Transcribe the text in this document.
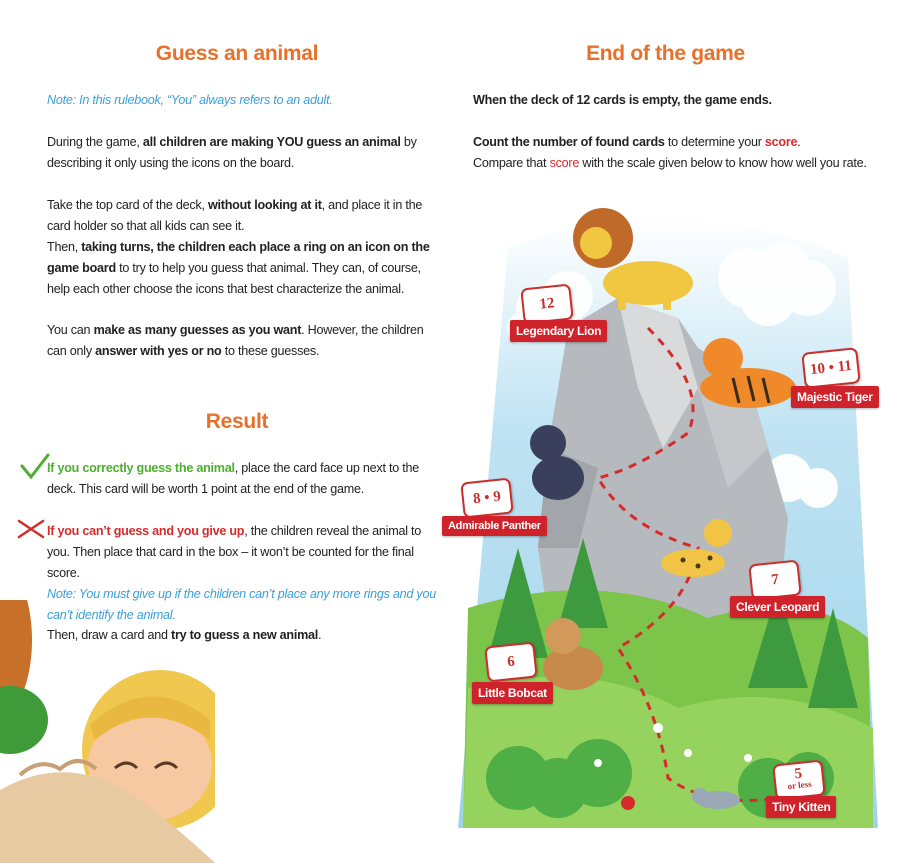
Guess an animal

Note: In this rulebook, “You” always refers to an adult.

During the game, all children are making YOU guess an animal by describing it only using the icons on the board.

Take the top card of the deck, without looking at it, and place it in the card holder so that all kids can see it.
Then, taking turns, the children each place a ring on an icon on the game board to try to help you guess that animal. They can, of course, help each other choose the icons that best characterize the animal.

You can make as many guesses as you want. However, the children can only answer with yes or no to these guesses.

Result

If you correctly guess the animal, place the card face up next to the deck. This card will be worth 1 point at the end of the game.

If you can’t guess and you give up, the children reveal the animal to you. Then place that card in the box – it won’t be counted for the final score.

Note: You must give up if the children can’t place any more rings and you can’t identify the animal.

Then, draw a card and try to guess a new animal.

End of the game

When the deck of 12 cards is empty, the game ends.

Count the number of found cards to determine your score.
Compare that score with the scale given below to know how well you rate.

12
Legendary Lion
10 • 11
Majestic Tiger
8 • 9
Admirable Panther
7
Clever Leopard
6
Little Bobcat
5
or less
Tiny Kitten
